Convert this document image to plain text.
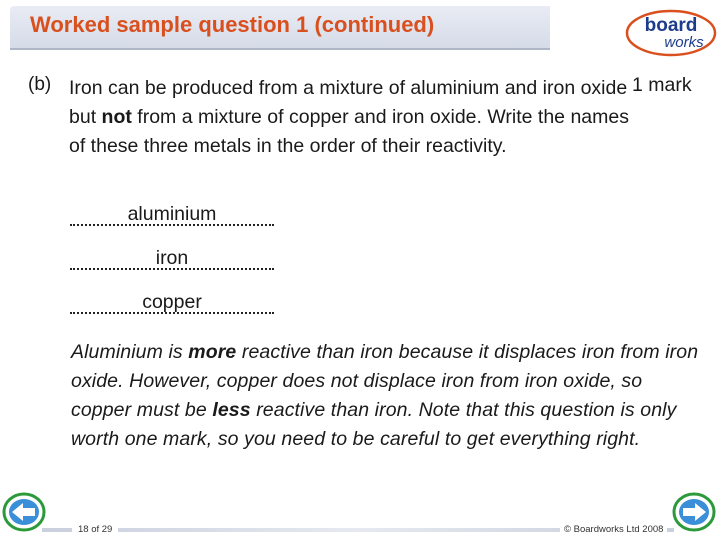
Worked sample question 1 (continued)	board
works
(b) Iron can be produced from a mixture of aluminium and iron oxide but not from a mixture of copper and iron oxide. Write the names of these three metals in the order of their reactivity.
1 mark
aluminium
iron
copper
Aluminium is more reactive than iron because it displaces iron from iron oxide. However, copper does not displace iron from iron oxide, so copper must be less reactive than iron. Note that this question is only worth one mark, so you need to be careful to get everything right.
18 of 29	© Boardworks Ltd 2008
